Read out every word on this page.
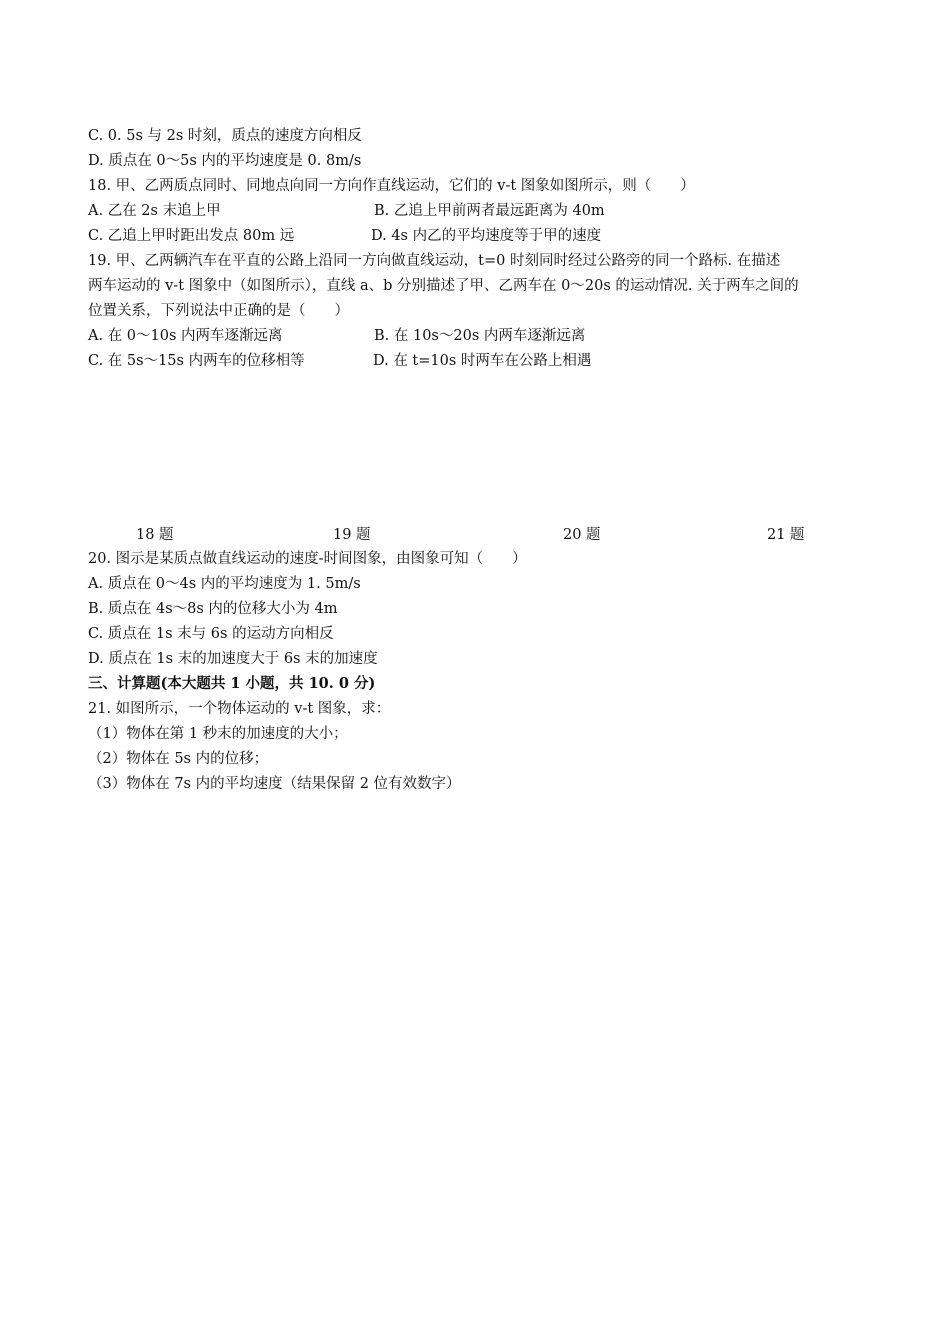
C. 0. 5s 与 2s 时刻，质点的速度方向相反
D. 质点在 0～5s 内的平均速度是 0. 8m/s
18. 甲、乙两质点同时、同地点向同一方向作直线运动，它们的 v-t 图象如图所示，则（　　）
A. 乙在 2s 末追上甲	B. 乙追上甲前两者最远距离为 40m
C. 乙追上甲时距出发点 80m 远	D. 4s 内乙的平均速度等于甲的速度
19. 甲、乙两辆汽车在平直的公路上沿同一方向做直线运动，t=0 时刻同时经过公路旁的同一个路标. 在描述
两车运动的 v-t 图象中（如图所示），直线 a、b 分别描述了甲、乙两车在 0～20s 的运动情况. 关于两车之间的
位置关系，下列说法中正确的是（　　）
A. 在 0～10s 内两车逐渐远离	B. 在 10s～20s 内两车逐渐远离
C. 在 5s～15s 内两车的位移相等	D. 在 t=10s 时两车在公路上相遇
18 题	19 题	20 题	21 题
20. 图示是某质点做直线运动的速度-时间图象，由图象可知（　　）
A. 质点在 0～4s 内的平均速度为 1. 5m/s
B. 质点在 4s～8s 内的位移大小为 4m
C. 质点在 1s 末与 6s 的运动方向相反
D. 质点在 1s 末的加速度大于 6s 末的加速度
三、计算题(本大题共 1 小题，共 10. 0 分)
21. 如图所示，一个物体运动的 v-t 图象，求：
（1）物体在第 1 秒末的加速度的大小；
（2）物体在 5s 内的位移；
（3）物体在 7s 内的平均速度（结果保留 2 位有效数字）
